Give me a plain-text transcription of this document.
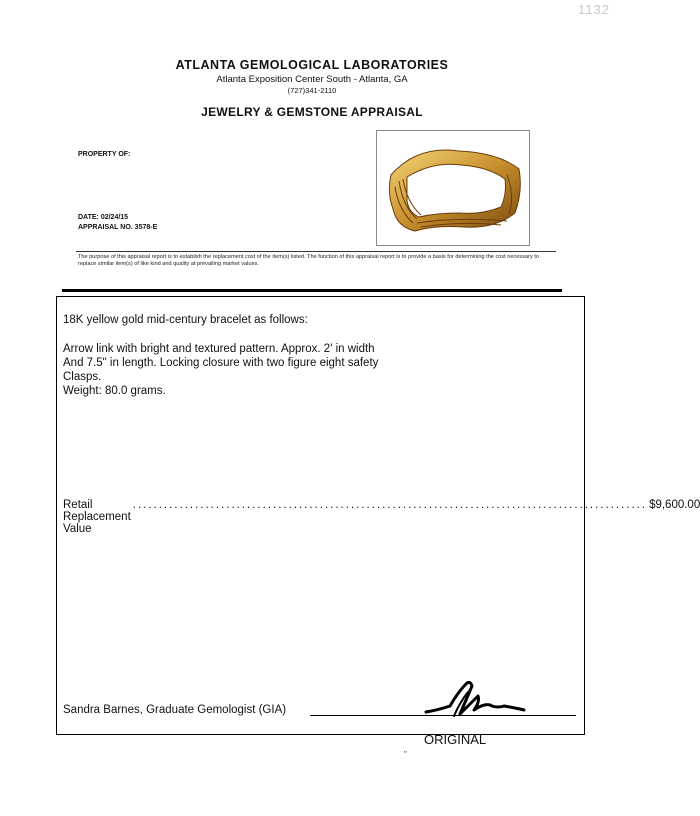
1132
ATLANTA GEMOLOGICAL LABORATORIES
Atlanta Exposition Center South - Atlanta, GA
(727)341-2110
JEWELRY & GEMSTONE APPRAISAL
PROPERTY OF:
DATE: 02/24/15
APPRAISAL NO. 3578-E
The purpose of this appraisal report is to establish the replacement cost of the item(s) listed. The function of this appraisal report is to provide a basis for determining the cost necessary to replace similar item(s) of like kind and quality at prevailing market values.
18K yellow gold mid-century bracelet as follows:
Arrow link with bright and textured pattern. Approx. 2' in width
And 7.5" in length. Locking closure with two figure eight safety
Clasps.
Weight: 80.0 grams.
Retail Replacement Value
................................................................................................... $9,600.00
Sandra Barnes, Graduate Gemologist (GIA)
ORIGINAL
"
